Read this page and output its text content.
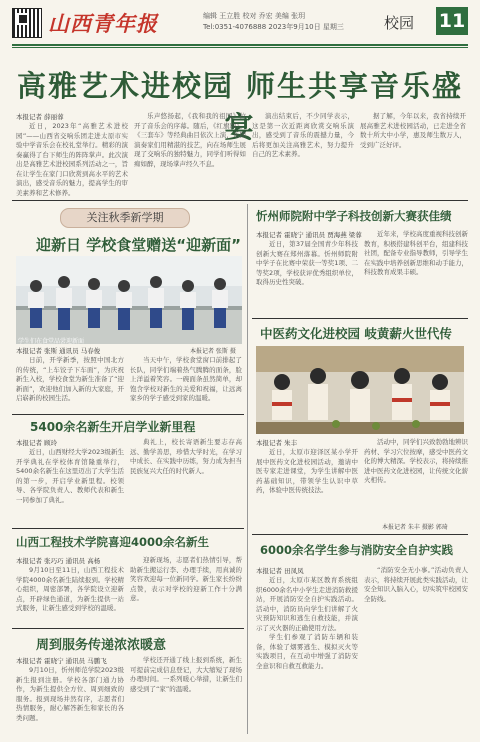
山西青年报	编辑 王立胜 校对 乔宏 美编 张玥
Tel:0351-4076888 2023年9月10日 星期三	校园 11
高雅艺术进校园 师生共享音乐盛宴
本报记者 薛丽蓉

近日，2023年“高雅艺术进校园”——山西省交响乐团走进太原市实验中学音乐会在校礼堂举行。精彩的演奏赢得了台下师生的阵阵掌声。此次演出是高雅艺术进校园系列活动之一，旨在让学生在家门口欣赏到高水平的艺术演出，感受音乐的魅力，提高学生的审美素养和艺术修养。

乐声悠扬起，《我和我的祖国》拉开了音乐会的序幕。随后，《红旗颂》、《三套车》等经典曲目依次上演，乐团演奏家们用精湛的技艺，向在场师生展现了交响乐的独特魅力，同学们听得如痴如醉，现场掌声经久不息。

演出结束后，不少同学表示，这是第一次近距离欣赏交响乐演出，感受到了音乐的震撼力量，今后将更加关注高雅艺术，努力提升自己的艺术素养。

据了解，今年以来，我省持续开展高雅艺术进校园活动，已走进全省数十所大中小学，惠及师生数万人，受到广泛好评。

关注秋季新学期
迎新日 学校食堂赠送“迎新面”
学生们在食堂品尝迎新面
本报记者 张斯 摄
本报记者 张斯 通讯员 马春俊

日前，开学新季，按照中国北方的传统，“上车饺子下车面”，为庆祝新生入校，学校食堂为新生准备了“迎新面”，欢迎他们加入新的大家庭，开启崭新的校园生活。

当天中午，学校食堂窗口前排起了长队，同学们端着热气腾腾的面条，脸上洋溢着笑容。一碗面条虽然简单，却饱含学校对新生的关爱和祝福，让远离家乡的学子感受到家的温暖。

5400余名新生开启学业新里程
本报记者 顾玲

近日，山西财经大学2023级新生开学典礼在学校体育馆隆重举行，5400余名新生在这里迈出了大学生活的第一步，开启学业新里程。校领导、各学院负责人、教师代表和新生一同参加了典礼。

典礼上，校长寄语新生要志存高远、勤学善思，珍惜大学时光，在学习中成长、在实践中历练，努力成为担当民族复兴大任的时代新人。

山西工程技术学院喜迎4000余名新生
本报记者 张巧巧 通讯员 高杨

9月10日至11日，山西工程技术学院4000余名新生陆续报到。学校精心组织，周密部署，各学院设立迎新点，开辟绿色通道，为新生提供一站式服务，让新生感受到学校的温暖。

迎新现场，志愿者们热情引导，帮助新生搬运行李、办理手续，用真诚的笑容欢迎每一位新同学。新生家长纷纷点赞，表示对学校的迎新工作十分满意。

周到服务传递浓浓暖意
本报记者 霍晓宁 通讯员 马鹏飞

9月10日，忻州师范学院2023级新生报到注册。学校各部门通力协作，为新生提供全方位、周到细致的服务。报到现场井然有序，志愿者们热情服务，耐心解答新生和家长的各类问题。

学校还开通了线上报到系统，新生可提前完成信息登记，大大缩短了现场办理时间。一系列暖心举措，让新生们感受到了“家”的温暖。

忻州师院附中学子科技创新大赛获佳绩
本报记者 霍晓宁 通讯员 贾海燕 梁蓉

近日，第37届全国青少年科技创新大赛在郑州落幕。忻州师院附中学子在比赛中荣获一等奖1项、二等奖2项，学校获评优秀组织单位，取得历史性突破。

近年来，学校高度重视科技创新教育，积极搭建科创平台，组建科技社团，配备专业指导教师，引导学生在实践中培养创新思维和动手能力，科技教育成果丰硕。

中医药文化进校园 岐黄薪火世代传
本报记者 朱丰

近日，太原市迎泽区某小学开展中医药文化进校园活动，邀请中医专家走进课堂，为学生讲解中医药基础知识，带领学生认识中草药，体验中医传统技法。

活动中，同学们兴致勃勃地辨识药材、学习穴位按摩，感受中医药文化的博大精深。学校表示，将持续推进中医药文化进校园，让传统文化薪火相传。

本报记者 朱丰 摄影 郭琦
6000余名学生参与消防安全自护实践
本报记者 田凤凤

近日，太原市某区教育系统组织6000余名中小学生走进消防救援站，开展消防安全自护实践活动。活动中，消防员向学生们讲解了火灾预防知识和逃生自救技能，并演示了灭火器的正确使用方法。

学生们参观了消防车辆和装备，体验了烟雾逃生、模拟灭火等实践项目，在互动中增强了消防安全意识和自救互救能力。

“消防安全无小事。”活动负责人表示，将持续开展此类实践活动，让安全知识入脑入心，切实筑牢校园安全防线。
